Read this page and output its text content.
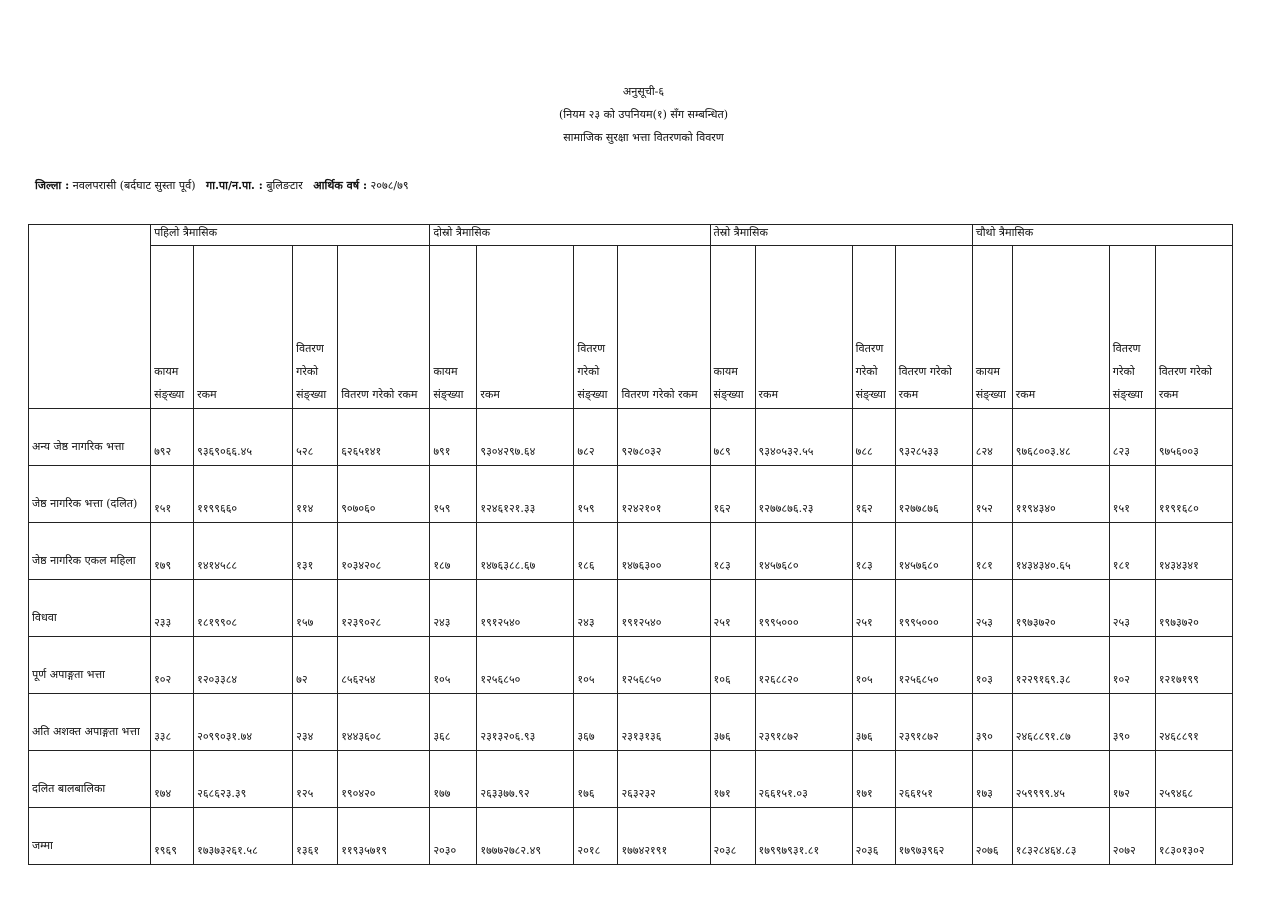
अनुसूची-६
(नियम २३ को उपनियम(१) सँग सम्बन्धित)
सामाजिक सुरक्षा भत्ता वितरणको विवरण
जिल्ला : नवलपरासी (बर्दघाट सुस्ता पूर्व) गा.पा/न.पा. : बुलिङटार आर्थिक वर्ष : २०७८/७९
	पहिलो त्रैमासिक				दोस्रो त्रैमासिक				तेस्रो त्रैमासिक				चौथो त्रैमासिक			
	कायम संङ्ख्या	रकम	वितरण गरेको संङ्ख्या	वितरण गरेको रकम	कायम संङ्ख्या	रकम	वितरण गरेको संङ्ख्या	वितरण गरेको रकम	कायम संङ्ख्या	रकम	वितरण गरेको संङ्ख्या	वितरण गरेको रकम	कायम संङ्ख्या	रकम	वितरण गरेको संङ्ख्या	वितरण गरेको रकम
अन्य जेष्ठ नागरिक भत्ता	७९२	९३६९०६६.४५	५२८	६२६५१४१	७९१	९३०४२९७.६४	७८२	९२७८०३२	७८९	९३४०५३२.५५	७८८	९३२८५३३	८२४	९७६८००३.४८	८२३	९७५६००३
जेष्ठ नागरिक भत्ता (दलित)	१५१	११९९६६०	११४	९०७०६०	१५९	१२४६१२१.३३	१५९	१२४२१०१	१६२	१२७७८७६.२३	१६२	१२७७८७६	१५२	११९४३४०	१५१	११९१६८०
जेष्ठ नागरिक एकल महिला	१७९	१४१४५८८	१३१	१०३४२०८	१८७	१४७६३८८.६७	१८६	१४७६३००	१८३	१४५७६८०	१८३	१४५७६८०	१८१	१४३४३४०.६५	१८१	१४३४३४१
विधवा	२३३	१८१९९०८	१५७	१२३९०२८	२४३	१९१२५४०	२४३	१९१२५४०	२५१	१९९५०००	२५१	१९९५०००	२५३	१९७३७२०	२५३	१९७३७२०
पूर्ण अपाङ्गता भत्ता	१०२	१२०३३८४	७२	८५६२५४	१०५	१२५६८५०	१०५	१२५६८५०	१०६	१२६८८२०	१०५	१२५६८५०	१०३	१२२९१६९.३८	१०२	१२१७१९९
अति अशक्त अपाङ्गता भत्ता	३३८	२०९९०३१.७४	२३४	१४४३६०८	३६८	२३१३२०६.९३	३६७	२३१३१३६	३७६	२३९१८७२	३७६	२३९१८७२	३९०	२४६८८९१.८७	३९०	२४६८८९१
दलित बालबालिका	१७४	२६८६२३.३९	१२५	१९०४२०	१७७	२६३३७७.९२	१७६	२६३२३२	१७१	२६६१५१.०३	१७१	२६६१५१	१७३	२५९९९९.४५	१७२	२५९४६८
जम्मा	१९६९	१७३७३२६१.५८	१३६१	११९३५७१९	२०३०	१७७७२७८२.४९	२०१८	१७७४२१९१	२०३८	१७९९७९३१.८१	२०३६	१७९७३९६२	२०७६	१८३२८४६४.८३	२०७२	१८३०१३०२
